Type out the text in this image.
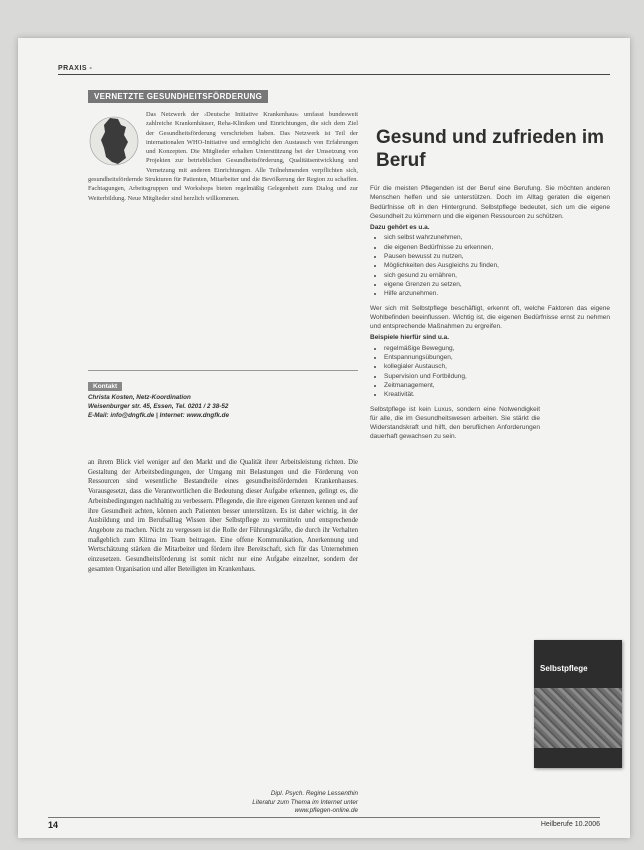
PRAXIS -
VERNETZTE GESUNDHEITSFÖRDERUNG
Das Netzwerk der ›Deutsche Initiative Krankenhaus‹ umfasst bundesweit zahlreiche Krankenhäuser, Reha-Kliniken und Einrichtungen, die sich dem Ziel der Gesundheitsförderung verschrieben haben. Das Netzwerk ist Teil der internationalen WHO-Initiative und ermöglicht den Austausch von Erfahrungen und Konzepten. Die Mitglieder erhalten Unterstützung bei der Umsetzung von Projekten zur betrieblichen Gesundheitsförderung, Qualitätsentwicklung und Vernetzung mit anderen Einrichtungen. Alle Teilnehmenden verpflichten sich, gesundheitsfördernde Strukturen für Patienten, Mitarbeiter und die Bevölkerung der Region zu schaffen. Fachtagungen, Arbeitsgruppen und Workshops bieten regelmäßig Gelegenheit zum Dialog und zur Weiterbildung. Neue Mitglieder sind herzlich willkommen.
Kontakt
Christa Kosten, Netz-Koordination
Weisenburger str. 45, Essen, Tel. 0201 / 2 38-52
E-Mail: info@dngfk.de | Internet: www.dngfk.de
an ihrem Blick viel weniger auf den Markt und die Qualität ihrer Arbeitsleistung richten. Die Gestaltung der Arbeitsbedingungen, der Umgang mit Belastungen und die Förderung von Ressourcen sind wesentliche Bestandteile eines gesundheitsfördernden Krankenhauses. Vorausgesetzt, dass die Verantwortlichen die Bedeutung dieser Aufgabe erkennen, gelingt es, die Arbeitsbedingungen nachhaltig zu verbessern. Pflegende, die ihre eigenen Grenzen kennen und auf ihre Gesundheit achten, können auch Patienten besser unterstützen. Es ist daher wichtig, in der Ausbildung und im Berufsalltag Wissen über Selbstpflege zu vermitteln und entsprechende Angebote zu machen. Nicht zu vergessen ist die Rolle der Führungskräfte, die durch ihr Verhalten maßgeblich zum Klima im Team beitragen. Eine offene Kommunikation, Anerkennung und Wertschätzung stärken die Mitarbeiter und fördern ihre Bereitschaft, sich für das Unternehmen einzusetzen. Gesundheitsförderung ist somit nicht nur eine Aufgabe einzelner, sondern der gesamten Organisation und aller Beteiligten im Krankenhaus.
Dipl. Psych. Regine Lessenthin
Literatur zum Thema im Internet unter
www.pflegen-online.de
Gesund und zufrieden im Beruf
Für die meisten Pflegenden ist der Beruf eine Berufung. Sie möchten anderen Menschen helfen und sie unterstützen. Doch im Alltag geraten die eigenen Bedürfnisse oft in den Hintergrund. Selbstpflege bedeutet, sich um die eigene Gesundheit zu kümmern und die eigenen Ressourcen zu schützen.
Dazu gehört es u.a.
• sich selbst wahrzunehmen,
• die eigenen Bedürfnisse zu erkennen,
• Pausen bewusst zu nutzen,
• Möglichkeiten des Ausgleichs zu finden,
• sich gesund zu ernähren,
• eigene Grenzen zu setzen,
• Hilfe anzunehmen.
Wer sich mit Selbstpflege beschäftigt, erkennt oft, welche Faktoren das eigene Wohlbefinden beeinflussen. Wichtig ist, die eigenen Bedürfnisse ernst zu nehmen und entsprechende Maßnahmen zu ergreifen.
Beispiele hierfür sind u.a.
• regelmäßige Bewegung,
• Entspannungsübungen,
• kollegialer Austausch,
• Supervision und Fortbildung,
• Zeitmanagement,
• Kreativität.
Selbstpflege ist kein Luxus, sondern eine Notwendigkeit für alle, die im Gesundheitswesen arbeiten. Sie stärkt die Widerstandskraft und hilft, den beruflichen Anforderungen dauerhaft gewachsen zu sein.
Selbstpflege
14	Heilberufe 10.2006
